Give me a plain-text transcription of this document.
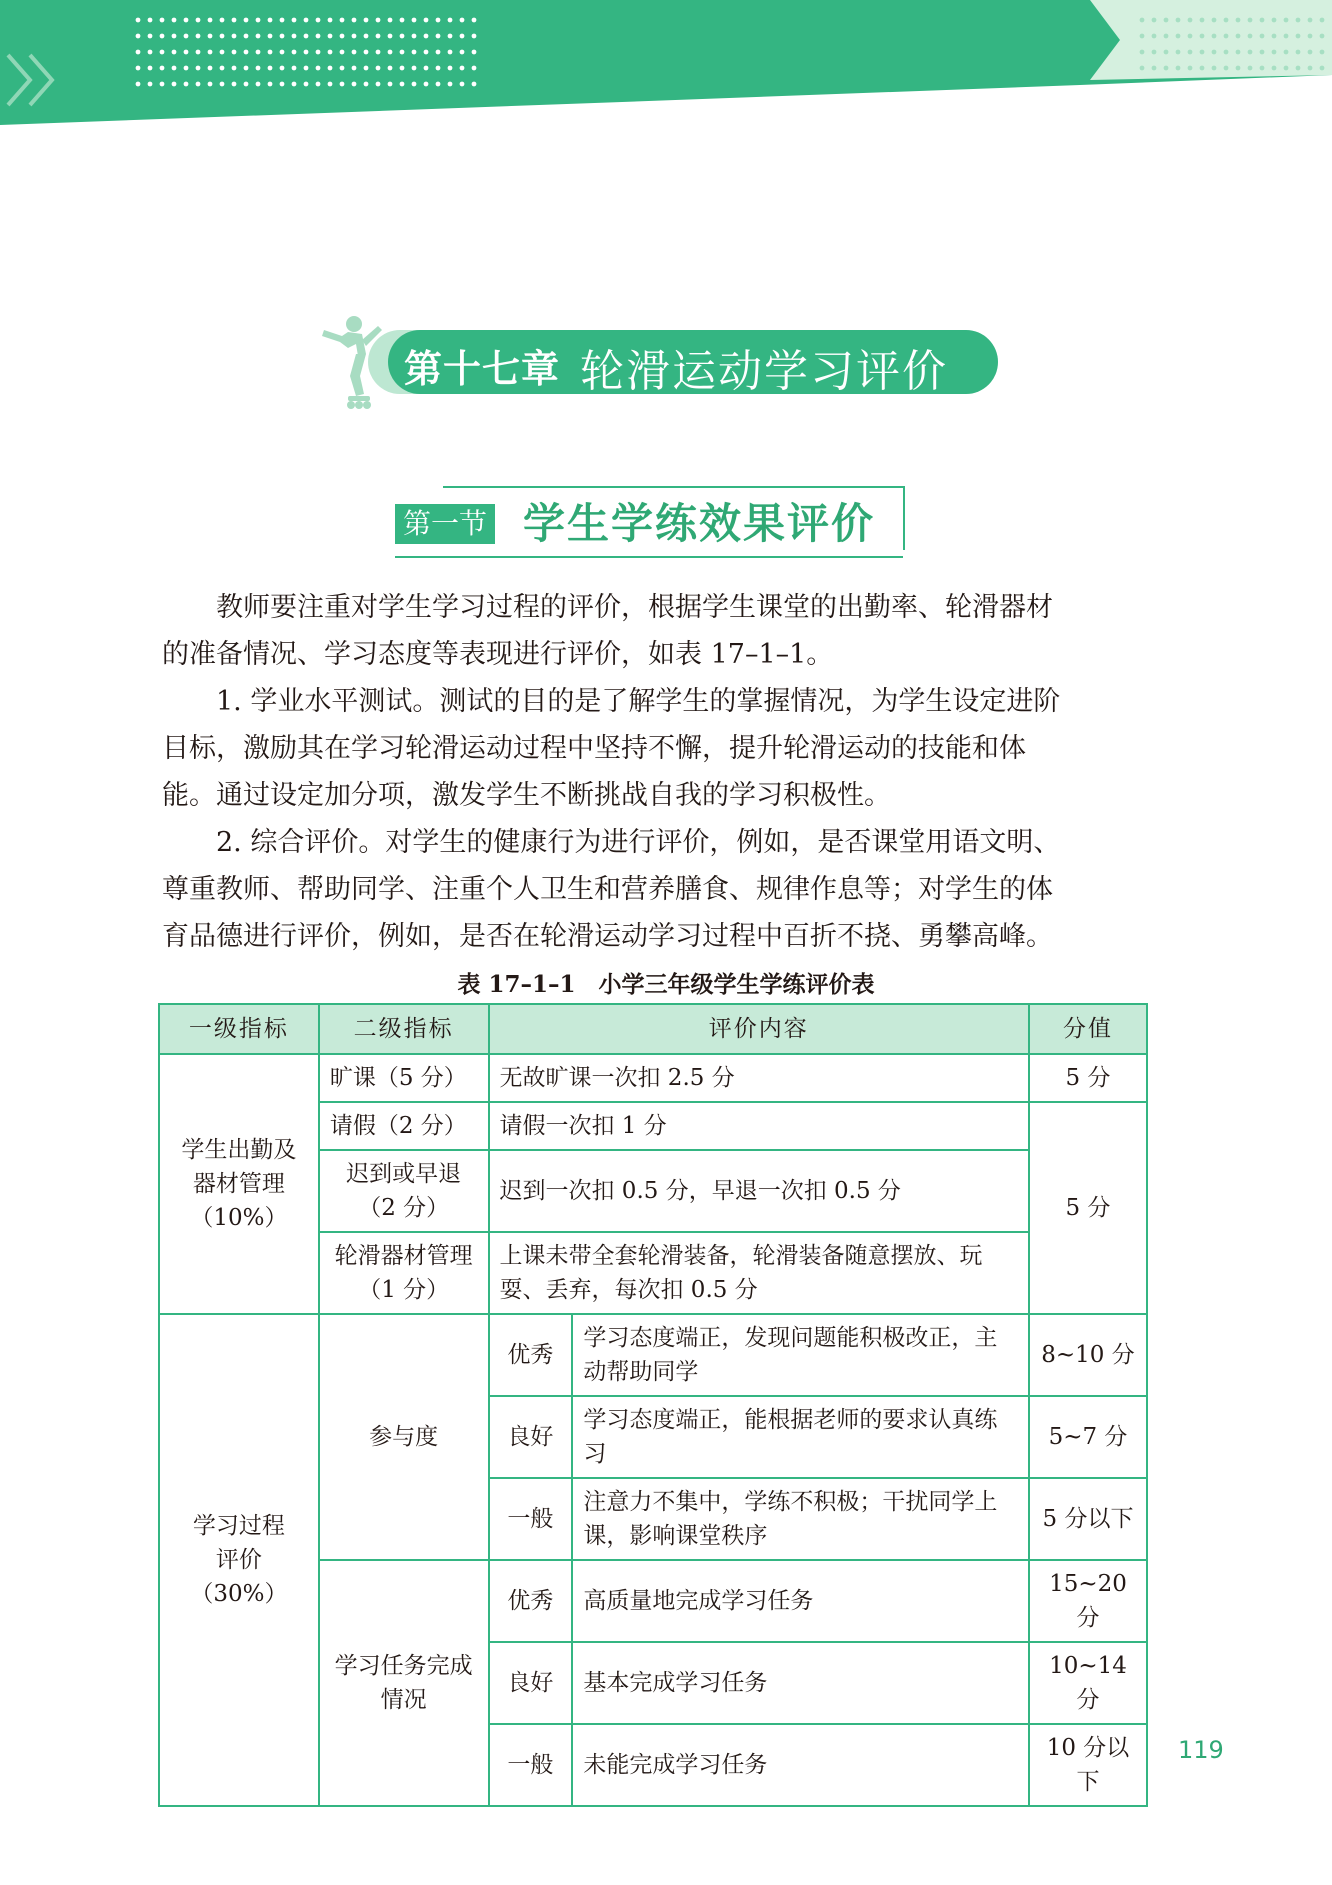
第十七章 轮滑运动学习评价
第一节 学生学练效果评价
　　教师要注重对学生学习过程的评价，根据学生课堂的出勤率、轮滑器材
的准备情况、学习态度等表现进行评价，如表 17–1–1。
　　1. 学业水平测试。测试的目的是了解学生的掌握情况，为学生设定进阶
目标，激励其在学习轮滑运动过程中坚持不懈，提升轮滑运动的技能和体
能。通过设定加分项，激发学生不断挑战自我的学习积极性。
　　2. 综合评价。对学生的健康行为进行评价，例如，是否课堂用语文明、
尊重教师、帮助同学、注重个人卫生和营养膳食、规律作息等；对学生的体
育品德进行评价，例如，是否在轮滑运动学习过程中百折不挠、勇攀高峰。
表 17–1–1　小学三年级学生学练评价表
一级指标	二级指标	评价内容		分值

学生出勤及
器材管理
（10%）	旷课（5 分）	无故旷课一次扣 2.5 分		5 分

	请假（2 分）	请假一次扣 1 分		5 分

	迟到或早退
（2 分）	迟到一次扣 0.5 分，早退一次扣 0.5 分		

	轮滑器材管理
（1 分）	上课未带全套轮滑装备，轮滑装备随意摆放、玩耍、丢弃，每次扣 0.5 分		

学习过程
评价
（30%）	参与度	优秀	学习态度端正，发现问题能积极改正，主动帮助同学	8~10 分
		良好	学习态度端正，能根据老师的要求认真练习	5~7 分
		一般	注意力不集中，学练不积极；干扰同学上课，影响课堂秩序	5 分以下

	学习任务完成
情况	优秀	高质量地完成学习任务	15~20 分
		良好	基本完成学习任务	10~14 分
		一般	未能完成学习任务	10 分以下
119
